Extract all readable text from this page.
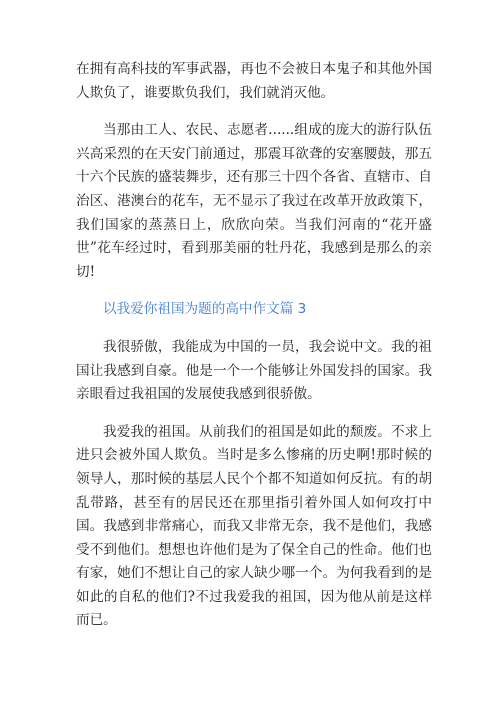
在拥有高科技的军事武器，再也不会被日本鬼子和其他外国人欺负了，谁要欺负我们，我们就消灭他。

当那由工人、农民、志愿者......组成的庞大的游行队伍兴高采烈的在天安门前通过，那震耳欲聋的安塞腰鼓，那五十六个民族的盛装舞步，还有那三十四个各省、直辖市、自治区、港澳台的花车，无不显示了我过在改革开放政策下，我们国家的蒸蒸日上，欣欣向荣。当我们河南的“花开盛世”花车经过时，看到那美丽的牡丹花，我感到是那么的亲切!

以我爱你祖国为题的高中作文篇 3

我很骄傲，我能成为中国的一员，我会说中文。我的祖国让我感到自豪。他是一个一个能够让外国发抖的国家。我亲眼看过我祖国的发展使我感到很骄傲。

我爱我的祖国。从前我们的祖国是如此的颓废。不求上进只会被外国人欺负。当时是多么惨痛的历史啊!那时候的领导人，那时候的基层人民个个都不知道如何反抗。有的胡乱带路，甚至有的居民还在那里指引着外国人如何攻打中国。我感到非常痛心，而我又非常无奈，我不是他们，我感受不到他们。想想也许他们是为了保全自己的性命。他们也有家，她们不想让自己的家人缺少哪一个。为何我看到的是如此的自私的他们?不过我爱我的祖国，因为他从前是这样而已。
